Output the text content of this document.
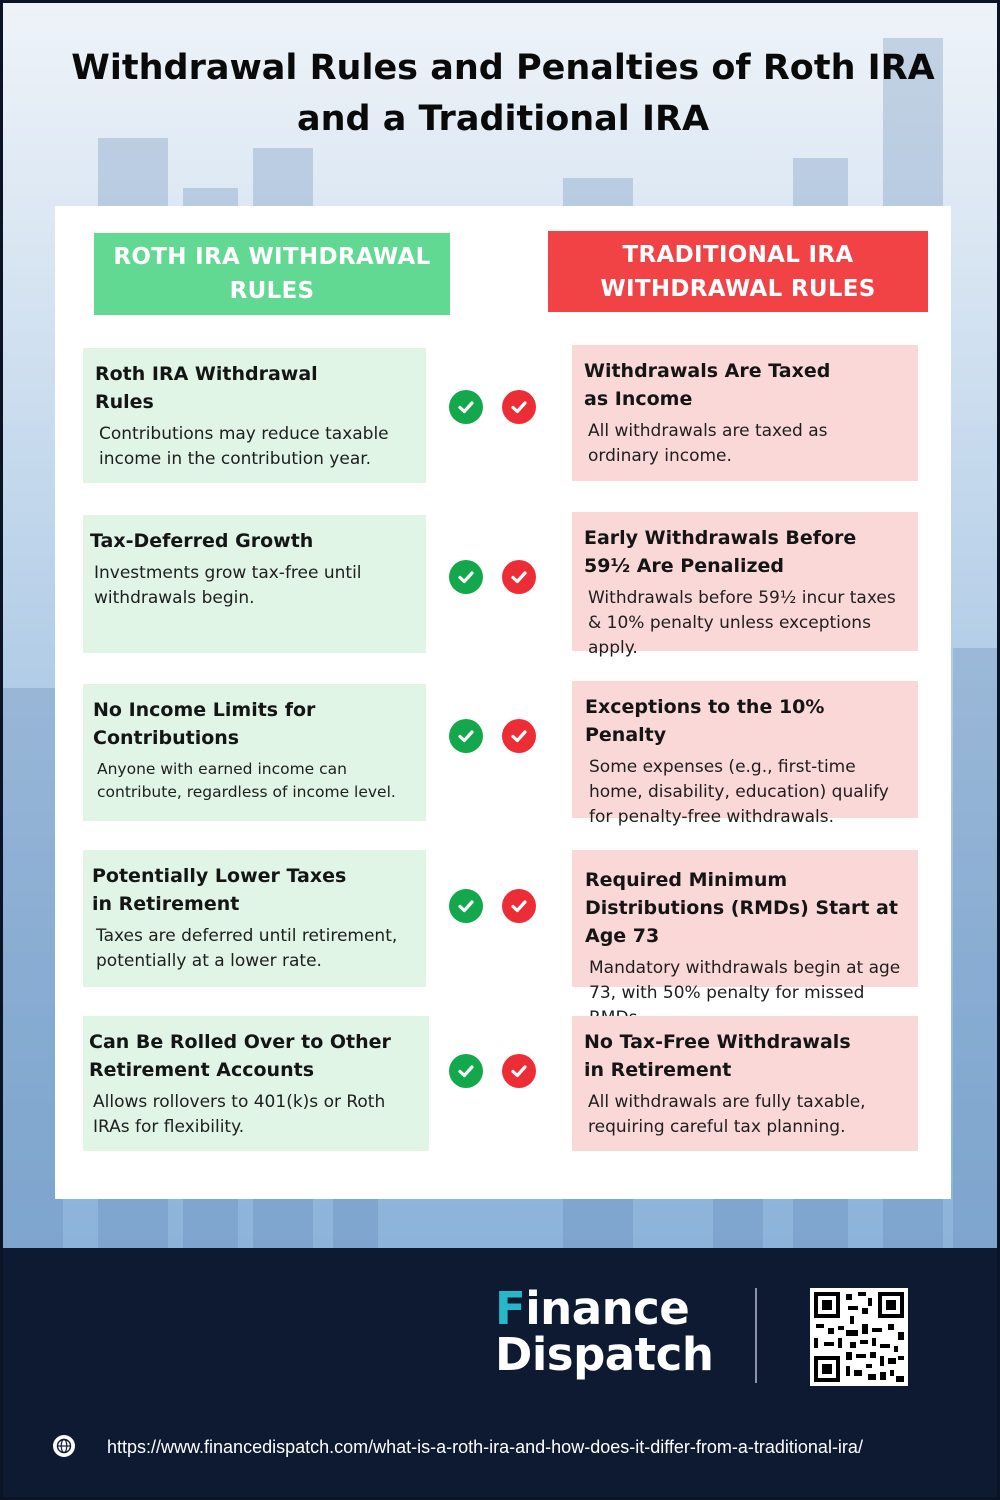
Withdrawal Rules and Penalties of Roth IRA and a Traditional IRA
ROTH IRA WITHDRAWAL RULES
TRADITIONAL IRA WITHDRAWAL RULES
Roth IRA Withdrawal Rules

Contributions may reduce taxable income in the contribution year.

Tax-Deferred Growth

Investments grow tax-free until withdrawals begin.

No Income Limits for Contributions

Anyone with earned income can contribute, regardless of income level.

Potentially Lower Taxes in Retirement

Taxes are deferred until retirement, potentially at a lower rate.

Can Be Rolled Over to Other Retirement Accounts

Allows rollovers to 401(k)s or Roth IRAs for flexibility.

Withdrawals Are Taxed as Income

All withdrawals are taxed as ordinary income.

Early Withdrawals Before 59½ Are Penalized

Withdrawals before 59½ incur taxes & 10% penalty unless exceptions apply.

Exceptions to the 10% Penalty

Some expenses (e.g., first-time home, disability, education) qualify for penalty-free withdrawals.

Required Minimum Distributions (RMDs) Start at Age 73

Mandatory withdrawals begin at age 73, with 50% penalty for missed

No Tax-Free Withdrawals in Retirement

All withdrawals are fully taxable, requiring careful tax planning.

Finance
Dispatch
https://www.financedispatch.com/what-is-a-roth-ira-and-how-does-it-differ-from-a-traditional-ira/
